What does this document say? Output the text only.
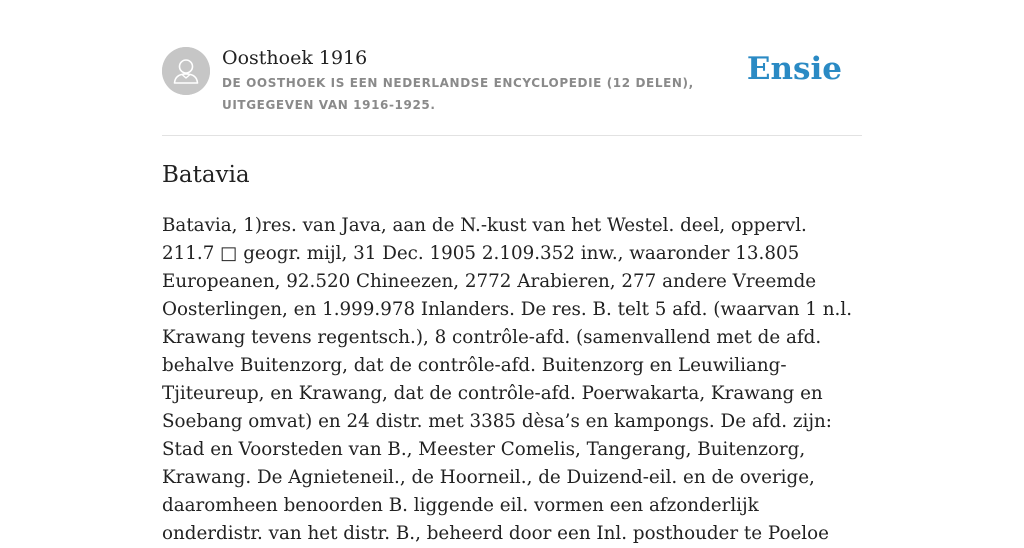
Oosthoek 1916
DE OOSTHOEK IS EEN NEDERLANDSE ENCYCLOPEDIE (12 DELEN), UITGEGEVEN VAN 1916-1925.
Ensie
Batavia

Batavia, 1)res. van Java, aan de N.-kust van het Westel. deel, oppervl. 211.7 □ geogr. mijl, 31 Dec. 1905 2.109.352 inw., waaronder 13.805 Europeanen, 92.520 Chineezen, 2772 Arabieren, 277 andere Vreemde Oosterlingen, en 1.999.978 Inlanders. De res. B. telt 5 afd. (waarvan 1 n.l. Krawang tevens regentsch.), 8 contrôle-afd. (samenvallend met de afd. behalve Buitenzorg, dat de contrôle-afd. Buitenzorg en Leuwiliang-Tjiteureup, en Krawang, dat de contrôle-afd. Poerwakarta, Krawang en Soebang omvat) en 24 distr. met 3385 dèsa’s en kampongs. De afd. zijn: Stad en Voorsteden van B., Meester Comelis, Tangerang, Buitenzorg, Krawang. De Agnieteneil., de Hoorneil., de Duizend-eil. en de overige, daaromheen benoorden B. liggende eil. vormen een afzonderlijk onderdistr. van het distr. B., beheerd door een Inl. posthouder te Poeloe
